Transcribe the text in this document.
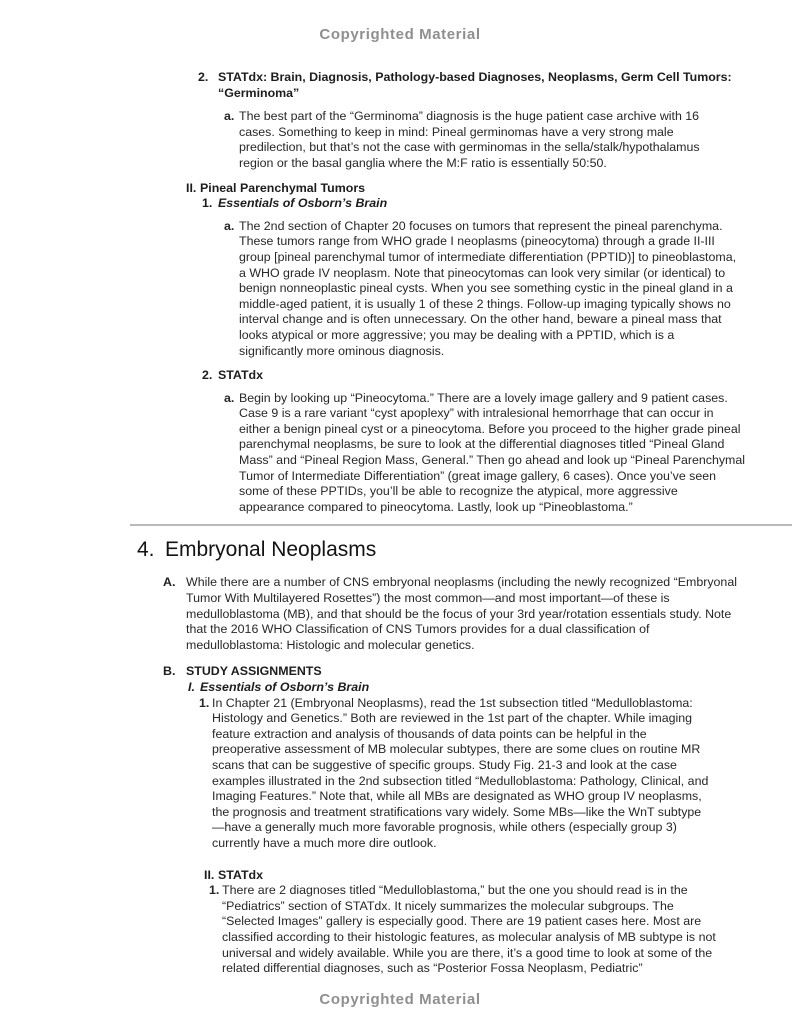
Copyrighted Material
2. STATdx: Brain, Diagnosis, Pathology-based Diagnoses, Neoplasms, Germ Cell Tumors:
“Germinoma”
a. The best part of the “Germinoma” diagnosis is the huge patient case archive with 16 cases. Something to keep in mind: Pineal germinomas have a very strong male predilection, but that’s not the case with germinomas in the sella/stalk/hypothalamus region or the basal ganglia where the M:F ratio is essentially 50:50.
II. Pineal Parenchymal Tumors
1. Essentials of Osborn’s Brain
a. The 2nd section of Chapter 20 focuses on tumors that represent the pineal parenchyma. These tumors range from WHO grade I neoplasms (pineocytoma) through a grade II-III group [pineal parenchymal tumor of intermediate differentiation (PPTID)] to pineoblastoma, a WHO grade IV neoplasm. Note that pineocytomas can look very similar (or identical) to benign nonneoplastic pineal cysts. When you see something cystic in the pineal gland in a middle-aged patient, it is usually 1 of these 2 things. Follow-up imaging typically shows no interval change and is often unnecessary. On the other hand, beware a pineal mass that looks atypical or more aggressive; you may be dealing with a PPTID, which is a significantly more ominous diagnosis.
2. STATdx
a. Begin by looking up “Pineocytoma.” There are a lovely image gallery and 9 patient cases. Case 9 is a rare variant “cyst apoplexy” with intralesional hemorrhage that can occur in either a benign pineal cyst or a pineocytoma. Before you proceed to the higher grade pineal parenchymal neoplasms, be sure to look at the differential diagnoses titled “Pineal Gland Mass” and “Pineal Region Mass, General.” Then go ahead and look up “Pineal Parenchymal Tumor of Intermediate Differentiation” (great image gallery, 6 cases). Once you’ve seen some of these PPTIDs, you’ll be able to recognize the atypical, more aggressive appearance compared to pineocytoma. Lastly, look up “Pineoblastoma.”
4. Embryonal Neoplasms
A. While there are a number of CNS embryonal neoplasms (including the newly recognized “Embryonal Tumor With Multilayered Rosettes”) the most common—and most important—of these is medulloblastoma (MB), and that should be the focus of your 3rd year/rotation essentials study. Note that the 2016 WHO Classification of CNS Tumors provides for a dual classification of medulloblastoma: Histologic and molecular genetics.
B. STUDY ASSIGNMENTS
I. Essentials of Osborn’s Brain
1. In Chapter 21 (Embryonal Neoplasms), read the 1st subsection titled “Medulloblastoma: Histology and Genetics.” Both are reviewed in the 1st part of the chapter. While imaging feature extraction and analysis of thousands of data points can be helpful in the preoperative assessment of MB molecular subtypes, there are some clues on routine MR scans that can be suggestive of specific groups. Study Fig. 21-3 and look at the case examples illustrated in the 2nd subsection titled “Medulloblastoma: Pathology, Clinical, and Imaging Features.” Note that, while all MBs are designated as WHO group IV neoplasms, the prognosis and treatment stratifications vary widely. Some MBs—like the WnT subtype—have a generally much more favorable prognosis, while others (especially group 3) currently have a much more dire outlook.
II. STATdx
1. There are 2 diagnoses titled “Medulloblastoma,” but the one you should read is in the “Pediatrics” section of STATdx. It nicely summarizes the molecular subgroups. The “Selected Images” gallery is especially good. There are 19 patient cases here. Most are classified according to their histologic features, as molecular analysis of MB subtype is not universal and widely available. While you are there, it’s a good time to look at some of the related differential diagnoses, such as “Posterior Fossa Neoplasm, Pediatric”
Copyrighted Material
